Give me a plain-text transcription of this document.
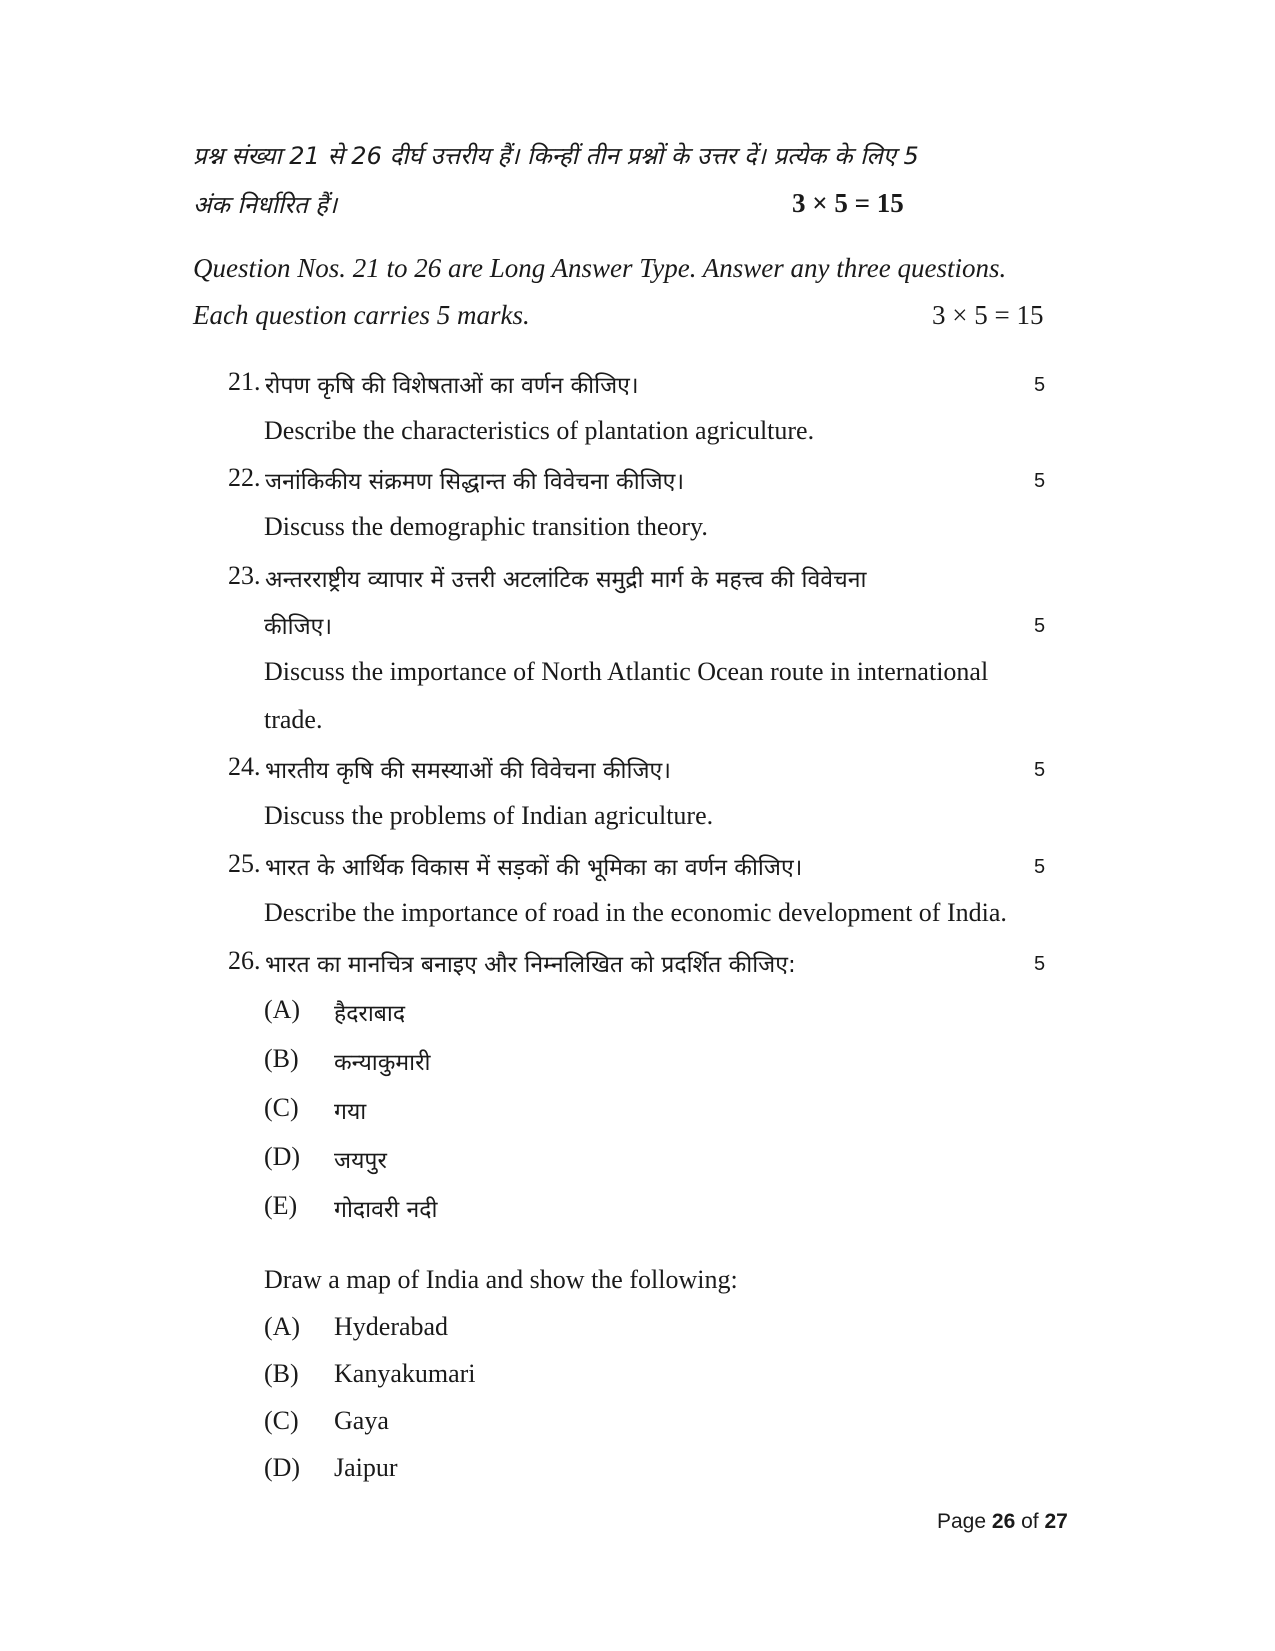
प्रश्न संख्या 21 से 26 दीर्घ उत्तरीय हैं। किन्हीं तीन प्रश्नों के उत्तर दें। प्रत्येक के लिए 5
अंक निर्धारित हैं।	3 × 5 = 15
Question Nos. 21 to 26 are Long Answer Type. Answer any three questions.
Each question carries 5 marks.	3 × 5 = 15
21. रोपण कृषि की विशेषताओं का वर्णन कीजिए।	5
Describe the characteristics of plantation agriculture.
22. जनांकिकीय संक्रमण सिद्धान्त की विवेचना कीजिए।	5
Discuss the demographic transition theory.
23. अन्तरराष्ट्रीय व्यापार में उत्तरी अटलांटिक समुद्री मार्ग के महत्त्व की विवेचना
कीजिए।	5
Discuss the importance of North Atlantic Ocean route in international
trade.
24. भारतीय कृषि की समस्याओं की विवेचना कीजिए।	5
Discuss the problems of Indian agriculture.
25. भारत के आर्थिक विकास में सड़कों की भूमिका का वर्णन कीजिए।	5
Describe the importance of road in the economic development of India.
26. भारत का मानचित्र बनाइए और निम्नलिखित को प्रदर्शित कीजिए:	5
(A) हैदराबाद
(B) कन्याकुमारी
(C) गया
(D) जयपुर
(E) गोदावरी नदी
Draw a map of India and show the following:
(A) Hyderabad
(B) Kanyakumari
(C) Gaya
(D) Jaipur
Page 26 of 27
